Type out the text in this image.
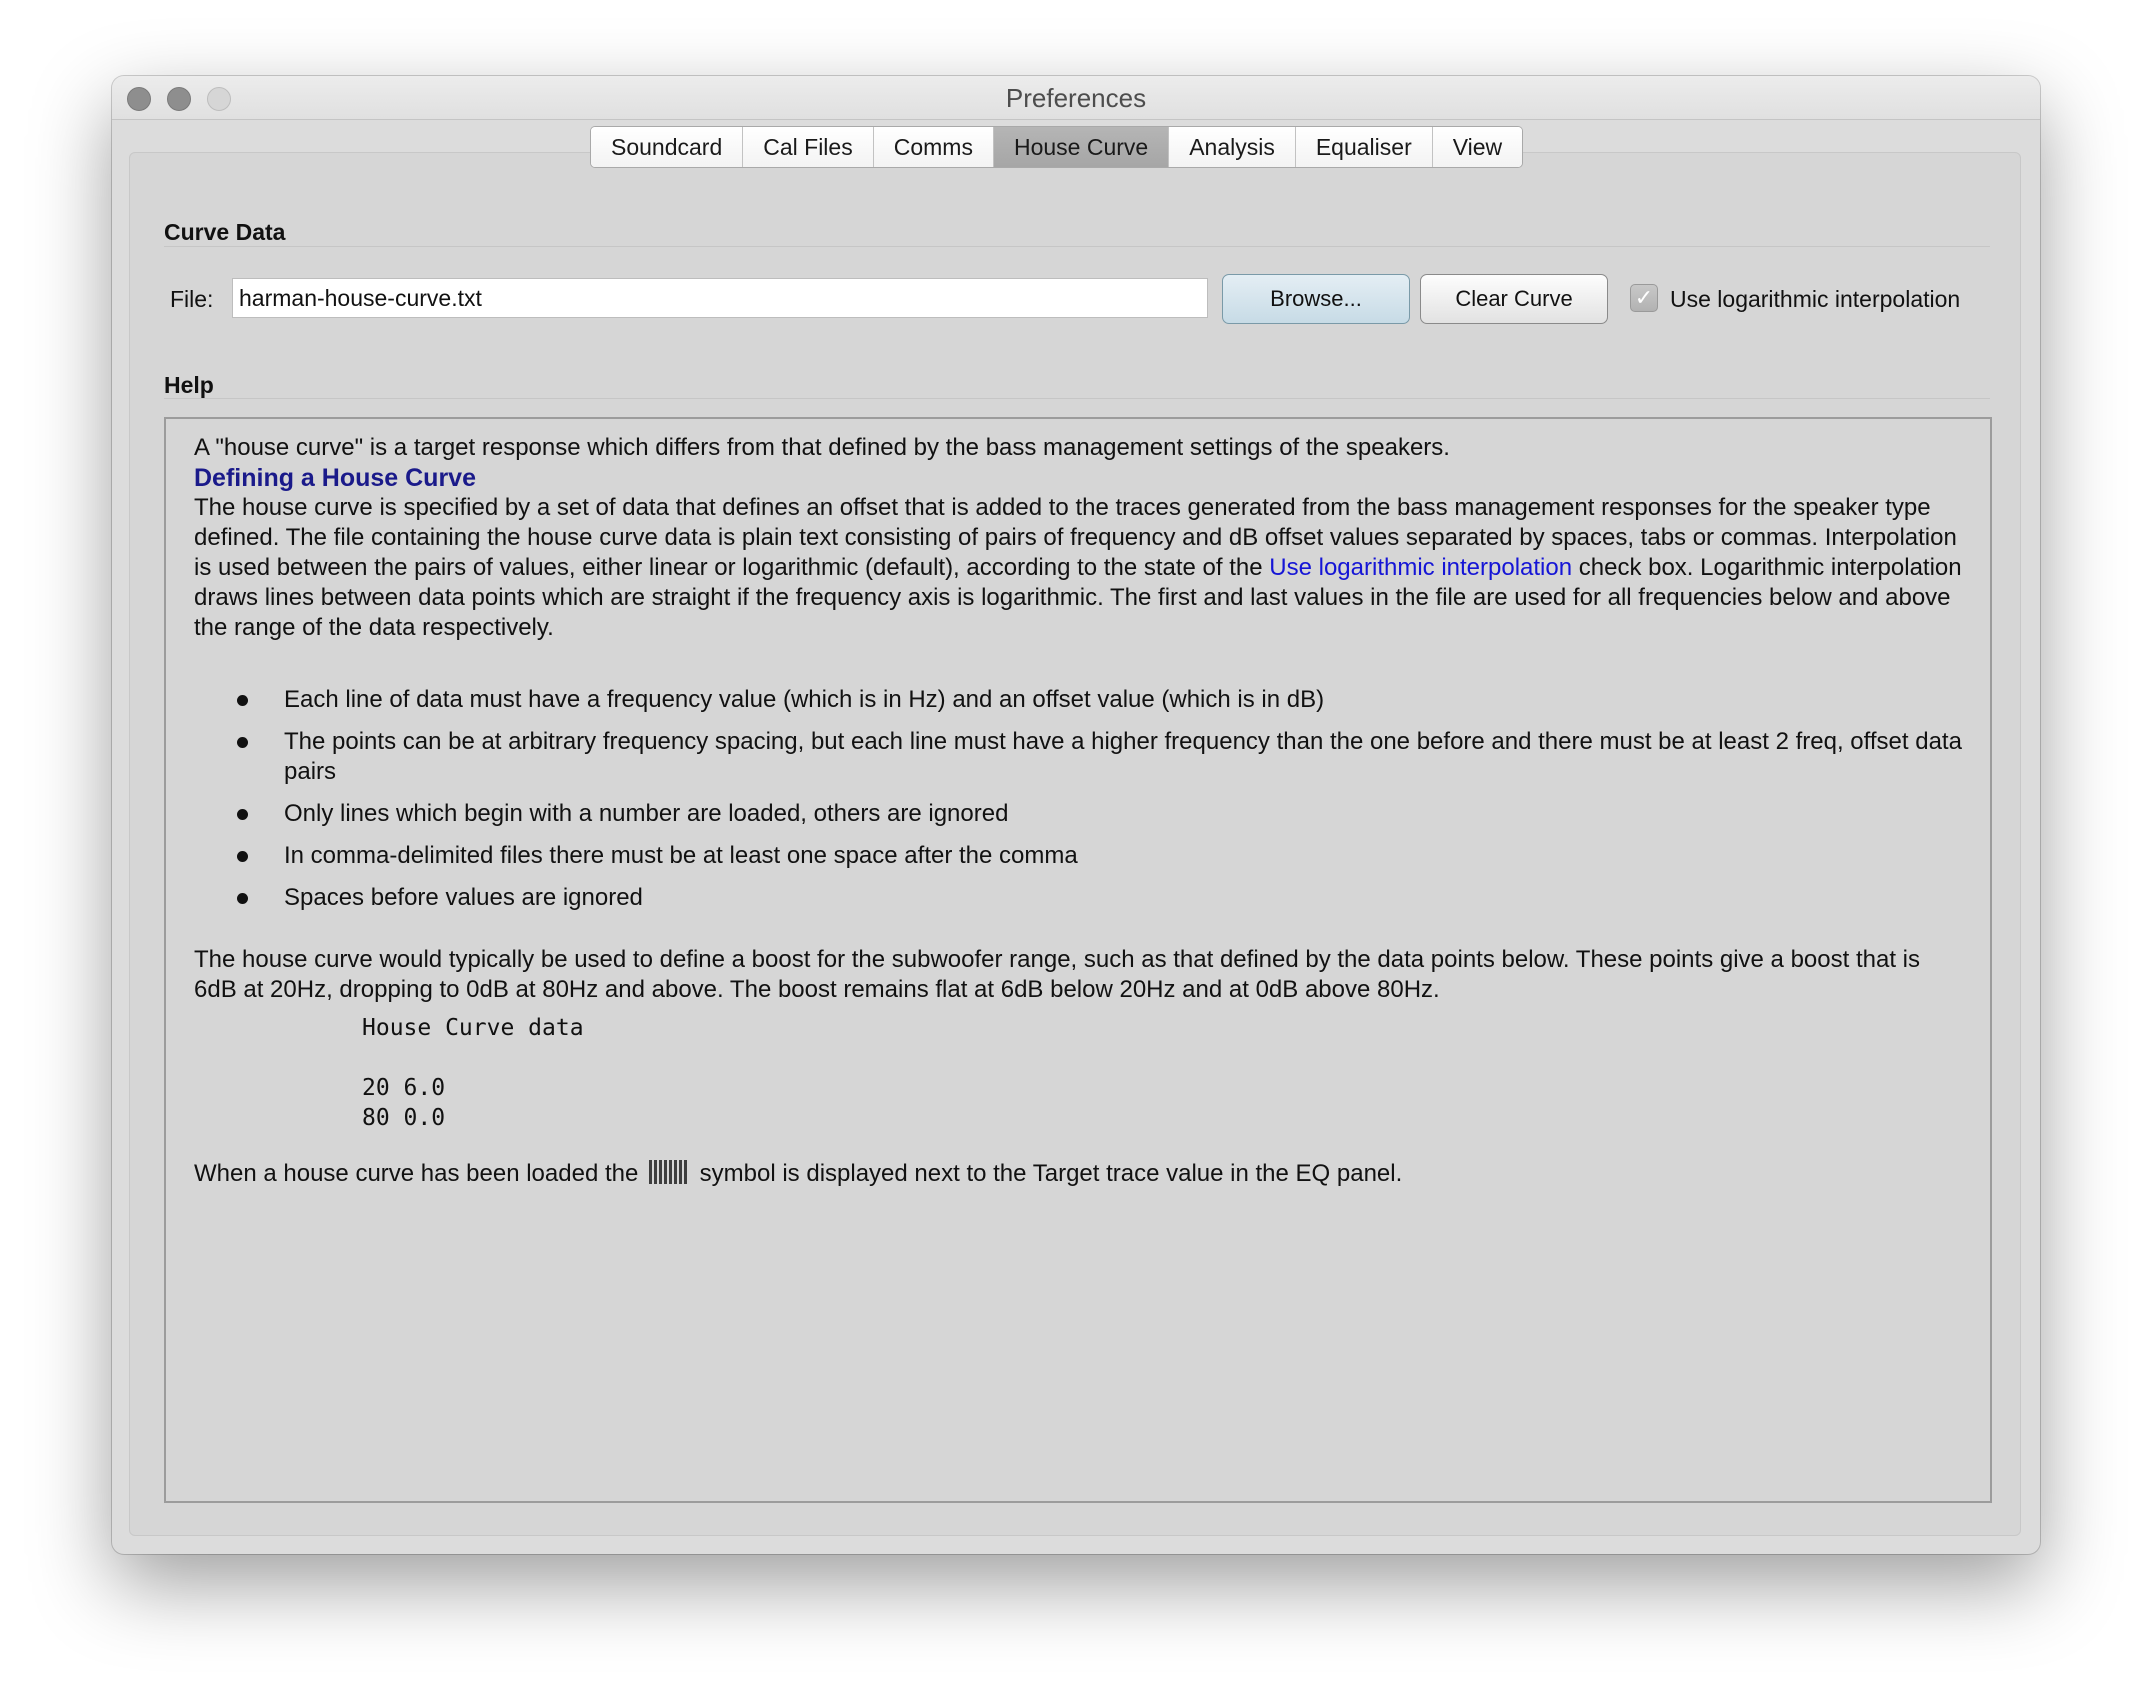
Preferences
Soundcard	Cal Files	Comms	House Curve	Analysis	Equaliser	View
Curve Data
File:	harman-house-curve.txt	Browse...	Clear Curve	✓ Use logarithmic interpolation
Help

A "house curve" is a target response which differs from that defined by the bass management settings of the speakers.

Defining a House Curve

The house curve is specified by a set of data that defines an offset that is added to the traces generated from the bass management responses for the speaker type defined. The file containing the house curve data is plain text consisting of pairs of frequency and dB offset values separated by spaces, tabs or commas. Interpolation is used between the pairs of values, either linear or logarithmic (default), according to the state of the Use logarithmic interpolation check box. Logarithmic interpolation draws lines between data points which are straight if the frequency axis is logarithmic. The first and last values in the file are used for all frequencies below and above the range of the data respectively.

Each line of data must have a frequency value (which is in Hz) and an offset value (which is in dB)
The points can be at arbitrary frequency spacing, but each line must have a higher frequency than the one before and there must be at least 2 freq, offset data pairs
Only lines which begin with a number are loaded, others are ignored
In comma-delimited files there must be at least one space after the comma
Spaces before values are ignored

The house curve would typically be used to define a boost for the subwoofer range, such as that defined by the data points below. These points give a boost that is 6dB at 20Hz, dropping to 0dB at 80Hz and above. The boost remains flat at 6dB below 20Hz and at 0dB above 80Hz.

House Curve data

20 6.0
80 0.0

When a house curve has been loaded the  symbol is displayed next to the Target trace value in the EQ panel.
